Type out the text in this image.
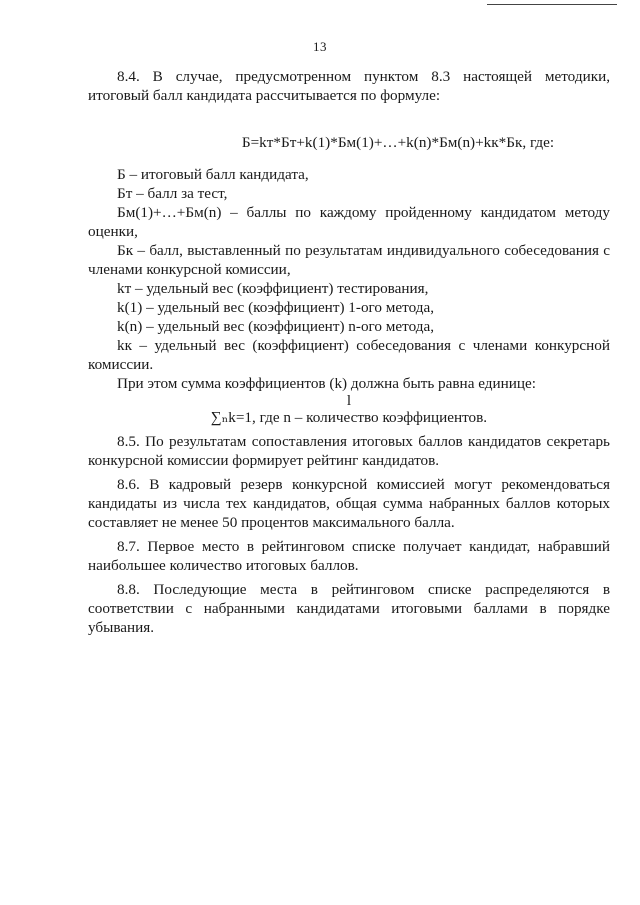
13

8.4. В случае, предусмотренном пунктом 8.3 настоящей методики, итоговый балл кандидата рассчитывается по формуле:

Б=kт*Бт+k(1)*Бм(1)+…+k(n)*Бм(n)+kк*Бк, где:

Б – итоговый балл кандидата,

Бт – балл за тест,

Бм(1)+…+Бм(n) – баллы по каждому пройденному кандидатом методу оценки,

Бк – балл, выставленный по результатам индивидуального собеседования с членами конкурсной комиссии,

kт – удельный вес (коэффициент) тестирования,

k(1) – удельный вес (коэффициент) 1-ого метода,

k(n) – удельный вес (коэффициент) n-ого метода,

kк – удельный вес (коэффициент) собеседования с членами конкурсной комиссии.

При этом сумма коэффициентов (k) должна быть равна единице:

l

∑ₙk=1, где n – количество коэффициентов.

8.5. По результатам сопоставления итоговых баллов кандидатов секретарь конкурсной комиссии формирует рейтинг кандидатов.

8.6. В кадровый резерв конкурсной комиссией могут рекомендоваться кандидаты из числа тех кандидатов, общая сумма набранных баллов которых составляет не менее 50 процентов максимального балла.

8.7. Первое место в рейтинговом списке получает кандидат, набравший наибольшее количество итоговых баллов.

8.8. Последующие места в рейтинговом списке распределяются в соответствии с набранными кандидатами итоговыми баллами в порядке убывания.
